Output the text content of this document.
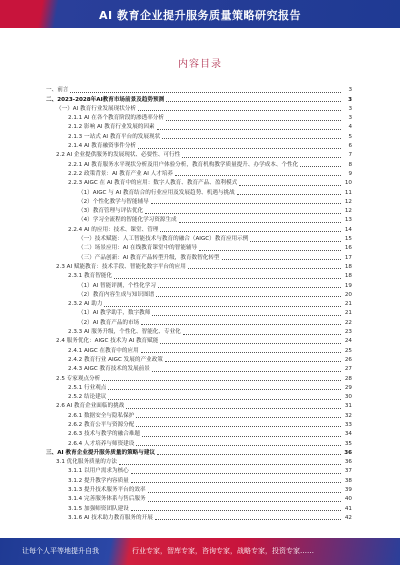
AI 教育企业提升服务质量策略研究报告
内容目录
一、前言	3
二、2023-2028年AI教育市场前景及趋势预测	3
（一）AI 教育行业发展现状分析	3
2.1.1 AI 在各个教育阶段的渗透率分析	3
2.1.2 影响 AI 教育行业发展的因素	4
2.1.3 一站式 AI 教育平台的发展现状	5
2.1.4 AI 教育融资事件分析	6
2.2 AI 企业提供服务的发展现状、必要性、可行性	7
2.2.1 AI 教育服务水平现状分析及用户体验分析，教育机构教学质量提升、办学成本、个性化	8
2.2.2 政策背景：AI 教育产业 AI 人才培养	9
2.2.3 AIGC 在 AI 教育中的应用：数字人教育、教育产品、盈利模式	10
（1）AIGC 与 AI 教育结合的行业应用及发展趋势、机遇与挑战	11
（2）个性化教学与智能辅导	12
（3）教育管理与评估优化	12
（4）学习全流程的智能化学习资源生成	13
2.2.4 AI 的应用：技术、课堂、管理	14
（一）技术赋能：人工智能技术与教育的融合（AIGC）教育应用示例	15
（二）场景应用：AI 在线教育课堂中的智能辅导	16
（三）产品创新：AI 教育产品转型升级，教育数智化转型	17
2.3 AI 赋能教育：技术手段、智能化数字平台的应用	18
2.3.1 教育智能化	18
（1）AI 智能评测，个性化学习	19
（2）教育内容生成与知识图谱	20
2.3.2 AI 助力	21
（1）AI 教学助手，数字教师	21
（2）AI 教育产品的市场	22
2.3.3 AI 服务升级，个性化、智能化、专业化	23
2.4 服务优化：AIGC 技术为 AI 教育赋能	24
2.4.1 AIGC 在教育中的应用	25
2.4.2 教育行业 AIGC 发展的产业政策	26
2.4.3 AIGC 教育技术的发展前景	27
2.5 专家观点分析	28
2.5.1 行业观点	29
2.5.2 结论建议	30
2.6 AI 教育企业面临的挑战	31
2.6.1 数据安全与隐私保护	32
2.6.2 教育公平与资源分配	33
2.6.3 技术与教学的融合难题	34
2.6.4 人才培养与师资建设	35
三、AI 教育企业提升服务质量的策略与建议	36
3.1 优化服务质量的方法	36
3.1.1 以用户需求为核心	37
3.1.2 提升教学内容质量	38
3.1.3 提升技术服务平台的效率	39
3.1.4 完善服务体系与售后服务	40
3.1.5 加强师资团队建设	41
3.1.6 AI 技术助力教育服务的开展	42
让每个人平等地提升自我	行业专家，智库专家，咨询专家，战略专家，投资专家……
